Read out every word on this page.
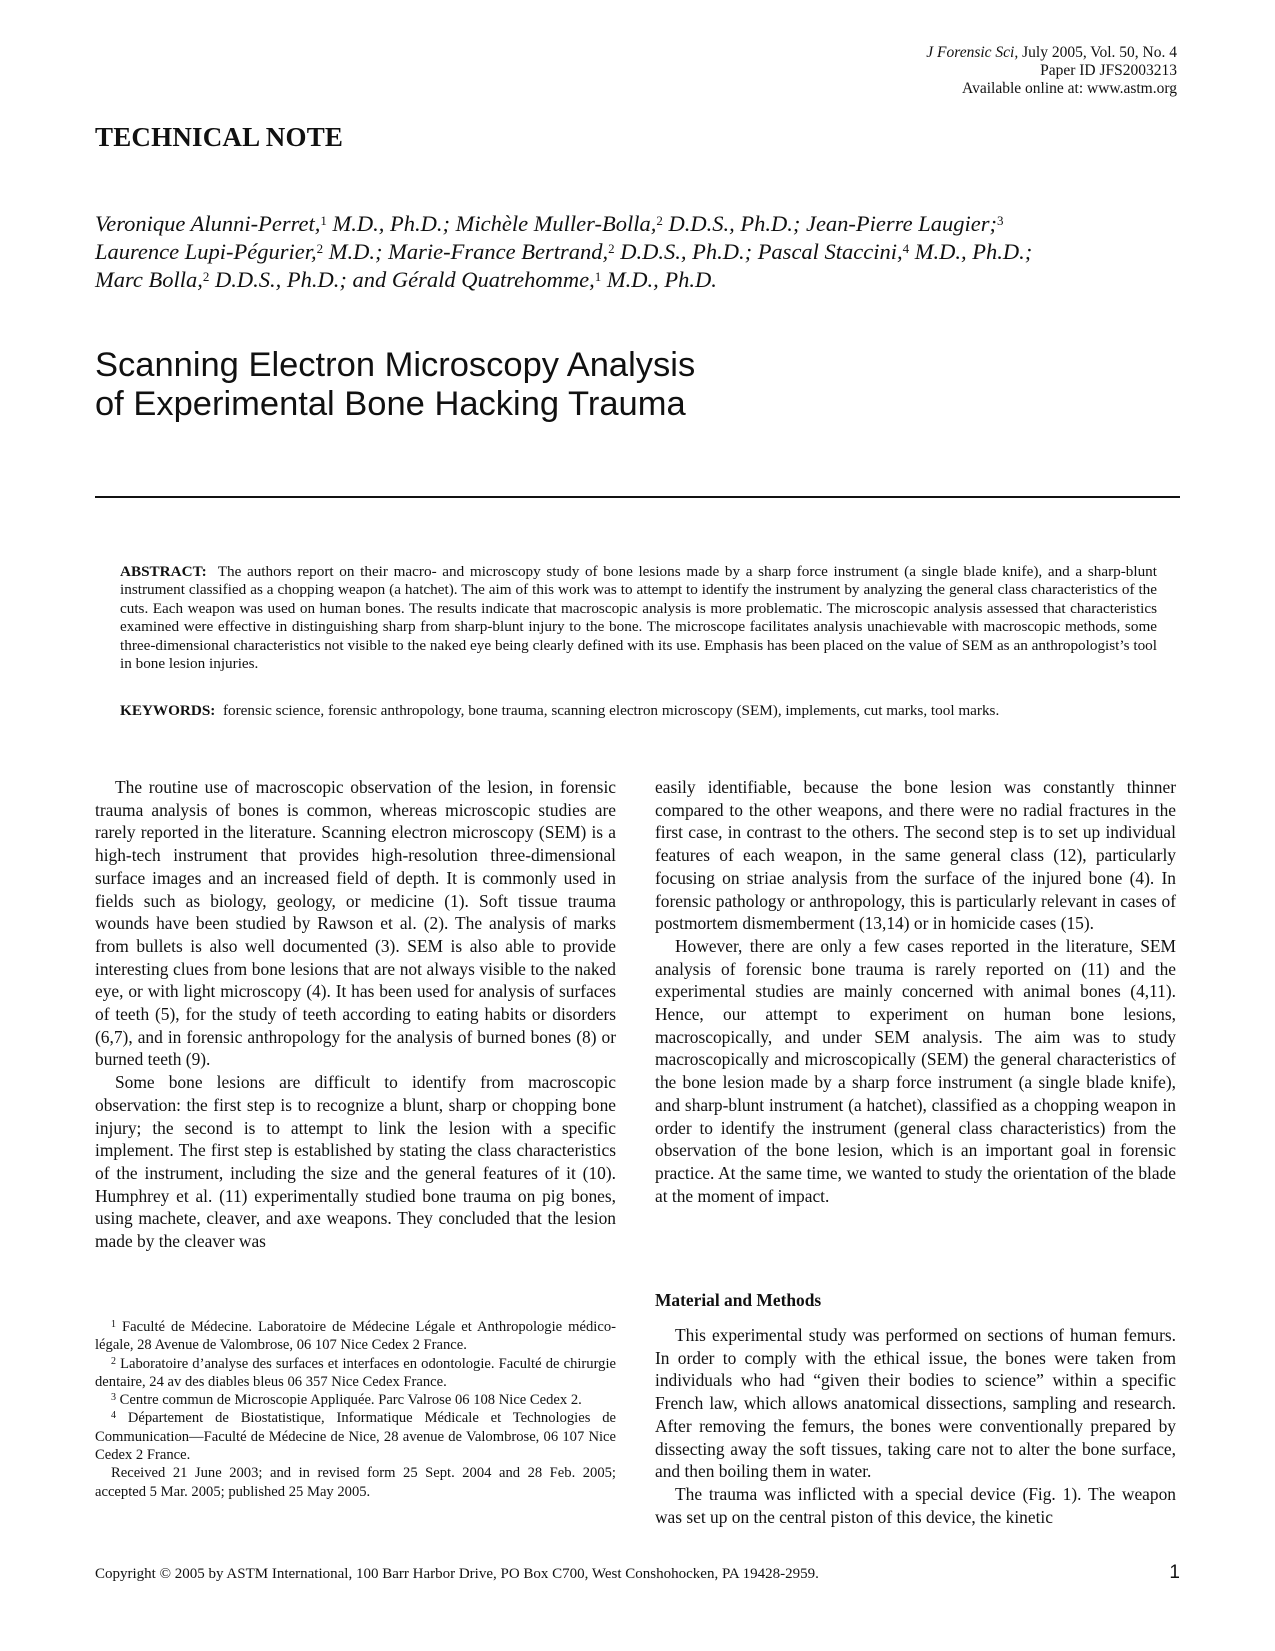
J Forensic Sci, July 2005, Vol. 50, No. 4
Paper ID JFS2003213
Available online at: www.astm.org
TECHNICAL NOTE
Veronique Alunni-Perret,$^1$ M.D., Ph.D.; Michèle Muller-Bolla,$^2$ D.D.S., Ph.D.; Jean-Pierre Laugier;$^3$
Laurence Lupi-Pégurier,$^2$ M.D.; Marie-France Bertrand,$^2$ D.D.S., Ph.D.; Pascal Staccini,$^4$ M.D., Ph.D.;
Marc Bolla,$^2$ D.D.S., Ph.D.; and Gérald Quatrehomme,$^1$ M.D., Ph.D.
Scanning Electron Microscopy Analysis
of Experimental Bone Hacking Trauma
ABSTRACT: The authors report on their macro- and microscopy study of bone lesions made by a sharp force instrument (a single blade knife), and a sharp-blunt instrument classified as a chopping weapon (a hatchet). The aim of this work was to attempt to identify the instrument by analyzing the general class characteristics of the cuts. Each weapon was used on human bones. The results indicate that macroscopic analysis is more problematic. The microscopic analysis assessed that characteristics examined were effective in distinguishing sharp from sharp-blunt injury to the bone. The microscope facilitates analysis unachievable with macroscopic methods, some three-dimensional characteristics not visible to the naked eye being clearly defined with its use. Emphasis has been placed on the value of SEM as an anthropologist’s tool in bone lesion injuries.
KEYWORDS: forensic science, forensic anthropology, bone trauma, scanning electron microscopy (SEM), implements, cut marks, tool marks.

The routine use of macroscopic observation of the lesion, in forensic trauma analysis of bones is common, whereas microscopic studies are rarely reported in the literature. Scanning electron microscopy (SEM) is a high-tech instrument that provides high-resolution three-dimensional surface images and an increased field of depth. It is commonly used in fields such as biology, geology, or medicine (1). Soft tissue trauma wounds have been studied by Rawson et al. (2). The analysis of marks from bullets is also well documented (3). SEM is also able to provide interesting clues from bone lesions that are not always visible to the naked eye, or with light microscopy (4). It has been used for analysis of surfaces of teeth (5), for the study of teeth according to eating habits or disorders (6,7), and in forensic anthropology for the analysis of burned bones (8) or burned teeth (9).

Some bone lesions are difficult to identify from macroscopic observation: the first step is to recognize a blunt, sharp or chopping bone injury; the second is to attempt to link the lesion with a specific implement. The first step is established by stating the class characteristics of the instrument, including the size and the general features of it (10). Humphrey et al. (11) experimentally studied bone trauma on pig bones, using machete, cleaver, and axe weapons. They concluded that the lesion made by the cleaver was

$^1$ Faculté de Médecine. Laboratoire de Médecine Légale et Anthropologie médico-légale, 28 Avenue de Valombrose, 06 107 Nice Cedex 2 France.

$^2$ Laboratoire d’analyse des surfaces et interfaces en odontologie. Faculté de chirurgie dentaire, 24 av des diables bleus 06 357 Nice Cedex France.

$^3$ Centre commun de Microscopie Appliquée. Parc Valrose 06 108 Nice Cedex 2.

$^4$ Département de Biostatistique, Informatique Médicale et Technologies de Communication—Faculté de Médecine de Nice, 28 avenue de Valombrose, 06 107 Nice Cedex 2 France.

Received 21 June 2003; and in revised form 25 Sept. 2004 and 28 Feb. 2005; accepted 5 Mar. 2005; published 25 May 2005.

easily identifiable, because the bone lesion was constantly thinner compared to the other weapons, and there were no radial fractures in the first case, in contrast to the others. The second step is to set up individual features of each weapon, in the same general class (12), particularly focusing on striae analysis from the surface of the injured bone (4). In forensic pathology or anthropology, this is particularly relevant in cases of postmortem dismemberment (13,14) or in homicide cases (15).

However, there are only a few cases reported in the literature, SEM analysis of forensic bone trauma is rarely reported on (11) and the experimental studies are mainly concerned with animal bones (4,11). Hence, our attempt to experiment on human bone lesions, macroscopically, and under SEM analysis. The aim was to study macroscopically and microscopically (SEM) the general characteristics of the bone lesion made by a sharp force instrument (a single blade knife), and sharp-blunt instrument (a hatchet), classified as a chopping weapon in order to identify the instrument (general class characteristics) from the observation of the bone lesion, which is an important goal in forensic practice. At the same time, we wanted to study the orientation of the blade at the moment of impact.

Material and Methods

This experimental study was performed on sections of human femurs. In order to comply with the ethical issue, the bones were taken from individuals who had “given their bodies to science” within a specific French law, which allows anatomical dissections, sampling and research. After removing the femurs, the bones were conventionally prepared by dissecting away the soft tissues, taking care not to alter the bone surface, and then boiling them in water.

The trauma was inflicted with a special device (Fig. 1). The weapon was set up on the central piston of this device, the kinetic

Copyright © 2005 by ASTM International, 100 Barr Harbor Drive, PO Box C700, West Conshohocken, PA 19428-2959.	1
